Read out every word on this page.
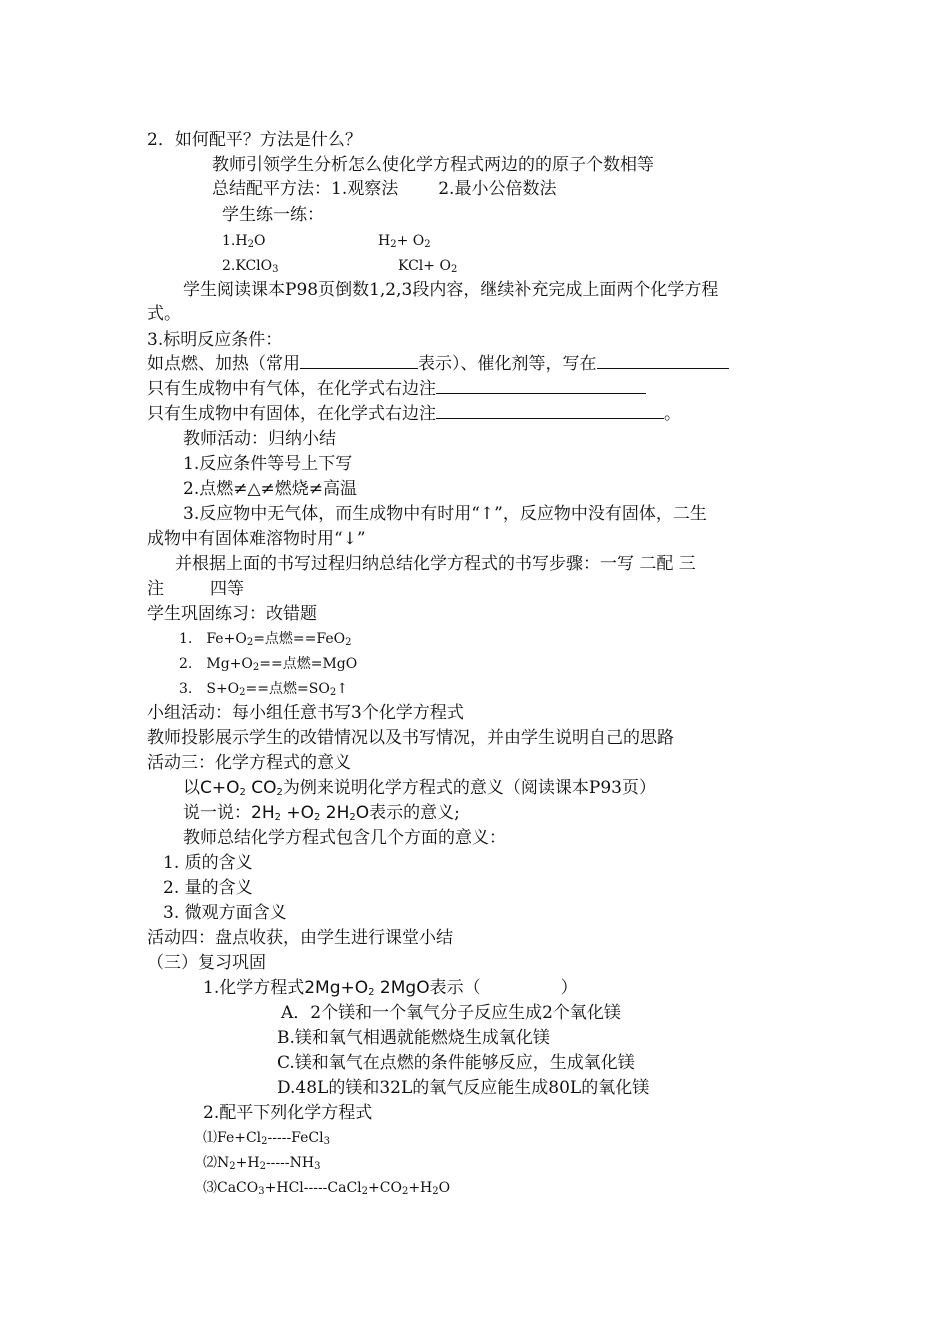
2．如何配平？方法是什么？
教师引领学生分析怎么使化学方程式两边的的原子个数相等
总结配平方法：1.观察法 2.最小公倍数法
学生练一练：
$1.H_2O$	$H_2+ O_2$
2.KClO$_3$	$KCl+ O_2$
学生阅读课本P98页倒数1,2,3段内容，继续补充完成上面两个化学方程
式。
3.标明反应条件：
如点燃、加热（常用	表示）、催化剂等，写在
只有生成物中有气体，在化学式右边注
只有生成物中有固体，在化学式右边注	。
教师活动：归纳小结
1.反应条件等号上下写
2.点燃≠△≠燃烧≠高温
3.反应物中无气体，而生成物中有时用“↑”，反应物中没有固体，二生
成物中有固体难溶物时用“↓”
并根据上面的书写过程归纳总结化学方程式的书写步骤：一写 二配 三
注	四等
学生巩固练习：改错题
1. $Fe+O_2=$点燃==FeO$_2$
2. $Mg+O_2==$点燃=MgO
3. $S+O_2==$点燃$=SO_2↑$
小组活动：每小组任意书写3个化学方程式
教师投影展示学生的改错情况以及书写情况，并由学生说明自己的思路
活动三：化学方程式的意义
以$C+O_2$ $CO_2$为例来说明化学方程式的意义（阅读课本P93页）
说一说：$2H_2 +O_2$ $2H_2O$表示的意义;
教师总结化学方程式包含几个方面的意义：
1. 质的含义
2. 量的含义
3. 微观方面含义
活动四：盘点收获，由学生进行课堂小结
（三）复习巩固
1.化学方程式$2Mg+O_2$ 2MgO表示（	）
A．2个镁和一个氧气分子反应生成2个氧化镁
B.镁和氧气相遇就能燃烧生成氧化镁
C.镁和氧气在点燃的条件能够反应，生成氧化镁
D.48L的镁和32L的氧气反应能生成80L的氧化镁
2.配平下列化学方程式
$⑴Fe+Cl_2-----FeCl_3$
$⑵N_2+H_2-----NH_3$
$⑶CaCO_3+HCl-----CaCl_2+CO_2+H_2O$
